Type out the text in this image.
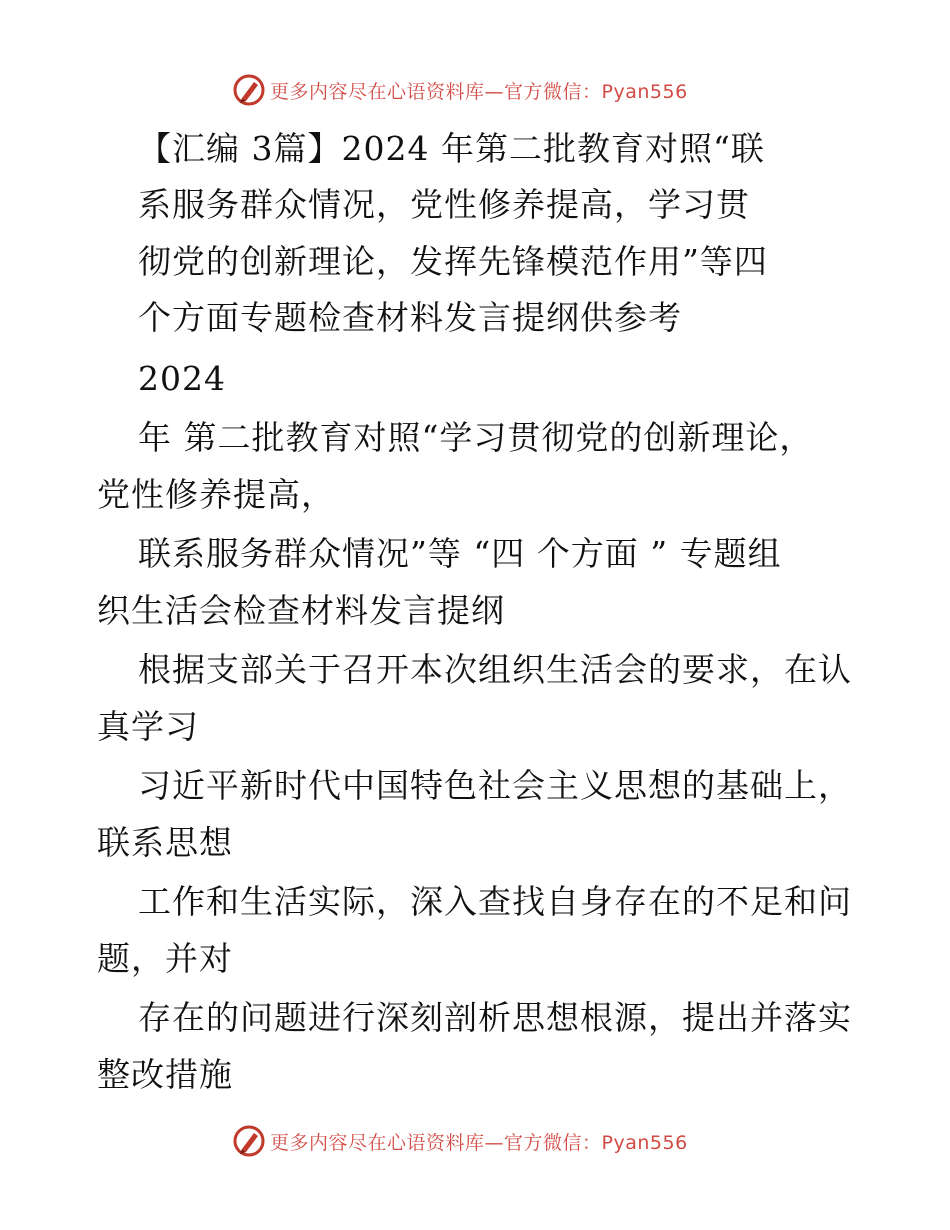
更多内容尽在心语资料库—官方微信：Pyan556

【汇编 3篇】2024 年第二批教育对照“联

系服务群众情况，党性修养提高，学习贯

彻党的创新理论，发挥先锋模范作用”等四

个方面专题检查材料发言提纲供参考

2024

年 第二批教育对照“学习贯彻党的创新理论，

党性修养提高，

联系服务群众情况”等 “四 个方面 ” 专题组

织生活会检查材料发言提纲

根据支部关于召开本次组织生活会的要求，在认

真学习

习近平新时代中国特色社会主义思想的基础上，

联系思想

工作和生活实际，深入查找自身存在的不足和问

题，并对

存在的问题进行深刻剖析思想根源，提出并落实

整改措施

更多内容尽在心语资料库—官方微信：Pyan556
